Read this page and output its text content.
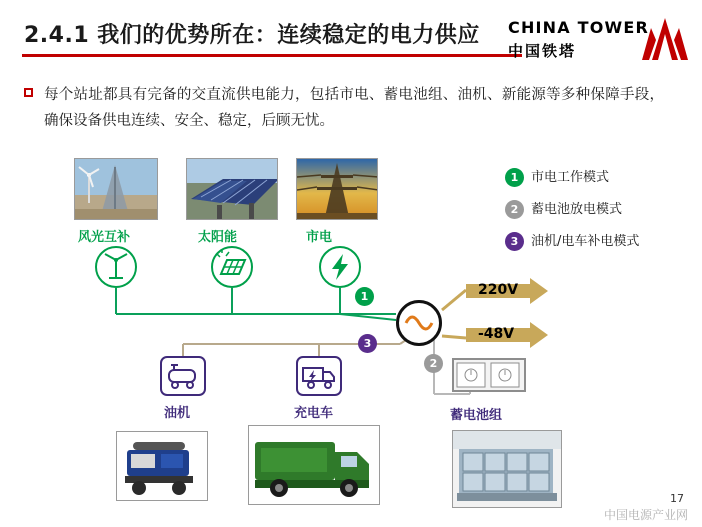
2.4.1 我们的优势所在：连续稳定的电力供应 CHINA TOWER
中国铁塔
每个站址都具有完备的交直流供电能力，包括市电、蓄电池组、油机、新能源等多种保障手段，确保设备供电连续、安全、稳定，后顾无忧。
风光互补	太阳能	市电
油机	充电车	蓄电池组
1
3
2
220V
-48V
1 市电工作模式
2 蓄电池放电模式
3 油机/电车补电模式
17
中国电源产业网
